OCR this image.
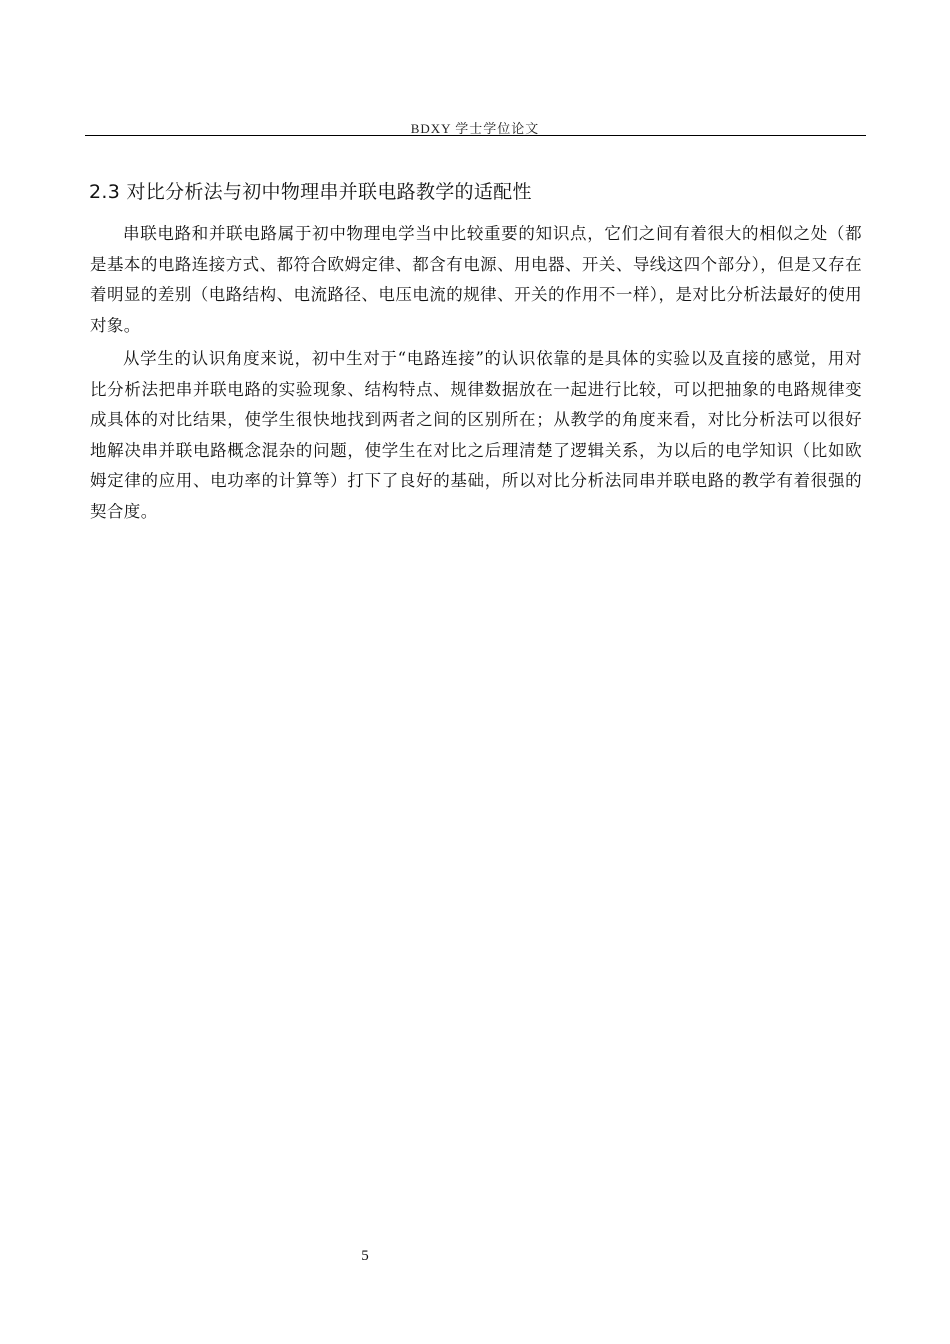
BDXY 学士学位论文
2.3 对比分析法与初中物理串并联电路教学的适配性

串联电路和并联电路属于初中物理电学当中比较重要的知识点，它们之间有着很大的相似之处（都是基本的电路连接方式、都符合欧姆定律、都含有电源、用电器、开关、导线这四个部分），但是又存在着明显的差别（电路结构、电流路径、电压电流的规律、开关的作用不一样），是对比分析法最好的使用对象。

从学生的认识角度来说，初中生对于“电路连接”的认识依靠的是具体的实验以及直接的感觉，用对比分析法把串并联电路的实验现象、结构特点、规律数据放在一起进行比较，可以把抽象的电路规律变成具体的对比结果，使学生很快地找到两者之间的区别所在；从教学的角度来看，对比分析法可以很好地解决串并联电路概念混杂的问题，使学生在对比之后理清楚了逻辑关系，为以后的电学知识（比如欧姆定律的应用、电功率的计算等）打下了良好的基础，所以对比分析法同串并联电路的教学有着很强的契合度。

5
